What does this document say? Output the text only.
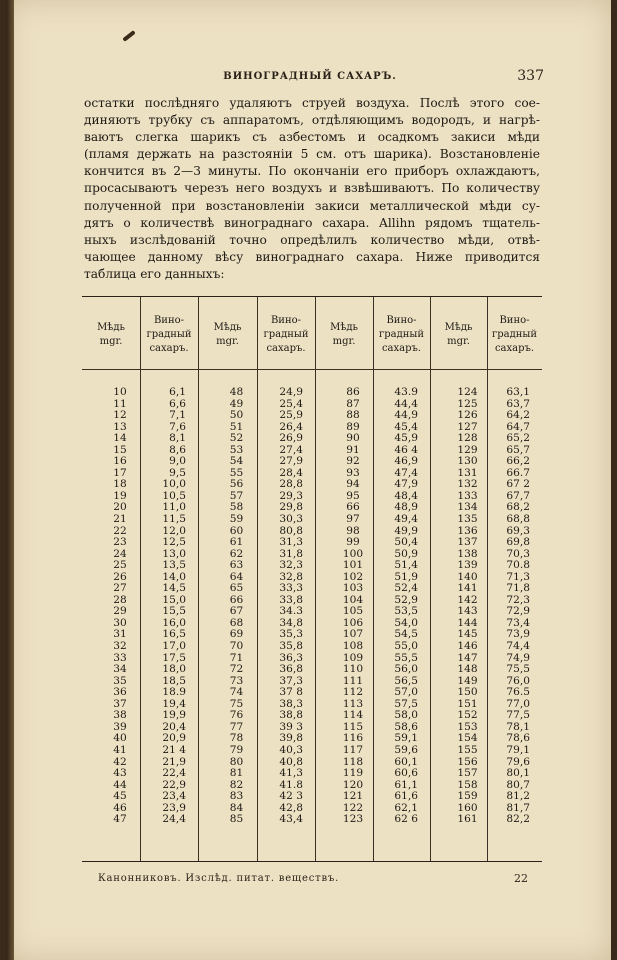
ВИНОГРАДНЫЙ САХАРЪ.	337
остатки послѣдняго удаляютъ струей воздуха. Послѣ этого сое-
диняютъ трубку съ аппаратомъ, отдѣляющимъ водородъ, и нагрѣ-
ваютъ слегка шарикъ съ азбестомъ и осадкомъ закиси мѣди
(пламя держать на разстояніи 5 см. отъ шарика). Возстановленіе
кончится въ 2—3 минуты. По окончаніи его приборъ охлаждаютъ,
просасываютъ черезъ него воздухъ и взвѣшиваютъ. По количеству
полученной при возстановленіи закиси металлической мѣди су-
дятъ о количествѣ винограднаго сахара. Allihn рядомъ тщатель-
ныхъ изслѣдованій точно опредѣлилъ количество мѣди, отвѣ-
чающее данному вѣсу винограднаго сахара. Ниже приводится
таблица его данныхъ:
Мѣдь
mgr.
Вино-
градный
сахаръ.
10
11
12
13
14
15
16
17
18
19
20
21
22
23
24
25
26
27
28
29
30
31
32
33
34
35
36
37
38
39
40
41
42
43
44
45
46
47
6,1
6,6
7,1
7,6
8,1
8,6
9,0
9,5
10,0
10,5
11,0
11,5
12,0
12,5
13,0
13,5
14,0
14,5
15,0
15,5
16,0
16,5
17,0
17,5
18,0
18,5
18.9
19,4
19,9
20,4
20,9
21 4
21,9
22,4
22,9
23,4
23,9
24,4
Мѣдь
mgr.
Вино-
градный
сахаръ.
48
49
50
51
52
53
54
55
56
57
58
59
60
61
62
63
64
65
66
67
68
69
70
71
72
73
74
75
76
77
78
79
80
81
82
83
84
85
24,9
25,4
25,9
26,4
26,9
27,4
27,9
28,4
28,8
29,3
29,8
30,3
80,8
31,3
31,8
32,3
32,8
33,3
33,8
34.3
34,8
35,3
35,8
36,3
36,8
37,3
37 8
38,3
38,8
39 3
39,8
40,3
40,8
41,3
41.8
42 3
42,8
43,4
Мѣдь
mgr.
Вино-
градный
сахаръ.
86
87
88
89
90
91
92
93
94
95
66
97
98
99
100
101
102
103
104
105
106
107
108
109
110
111
112
113
114
115
116
117
118
119
120
121
122
123
43.9
44,4
44,9
45,4
45,9
46 4
46,9
47,4
47,9
48,4
48,9
49,4
49,9
50,4
50,9
51,4
51,9
52,4
52,9
53,5
54,0
54,5
55,0
55,5
56,0
56,5
57,0
57,5
58,0
58,6
59,1
59,6
60,1
60,6
61,1
61,6
62,1
62 6
Мѣдь
mgr.
Вино-
градный
сахаръ.
124
125
126
127
128
129
130
131
132
133
134
135
136
137
138
139
140
141
142
143
144
145
146
147
148
149
150
151
152
153
154
155
156
157
158
159
160
161
63,1
63,7
64,2
64,7
65,2
65,7
66,2
66.7
67 2
67,7
68,2
68,8
69,3
69,8
70,3
70.8
71,3
71,8
72,3
72,9
73,4
73,9
74,4
74,9
75,5
76,0
76.5
77,0
77,5
78,1
78,6
79,1
79,6
80,1
80,7
81,2
81,7
82,2
Канонниковъ. Изслѣд. питат. веществъ.	22
